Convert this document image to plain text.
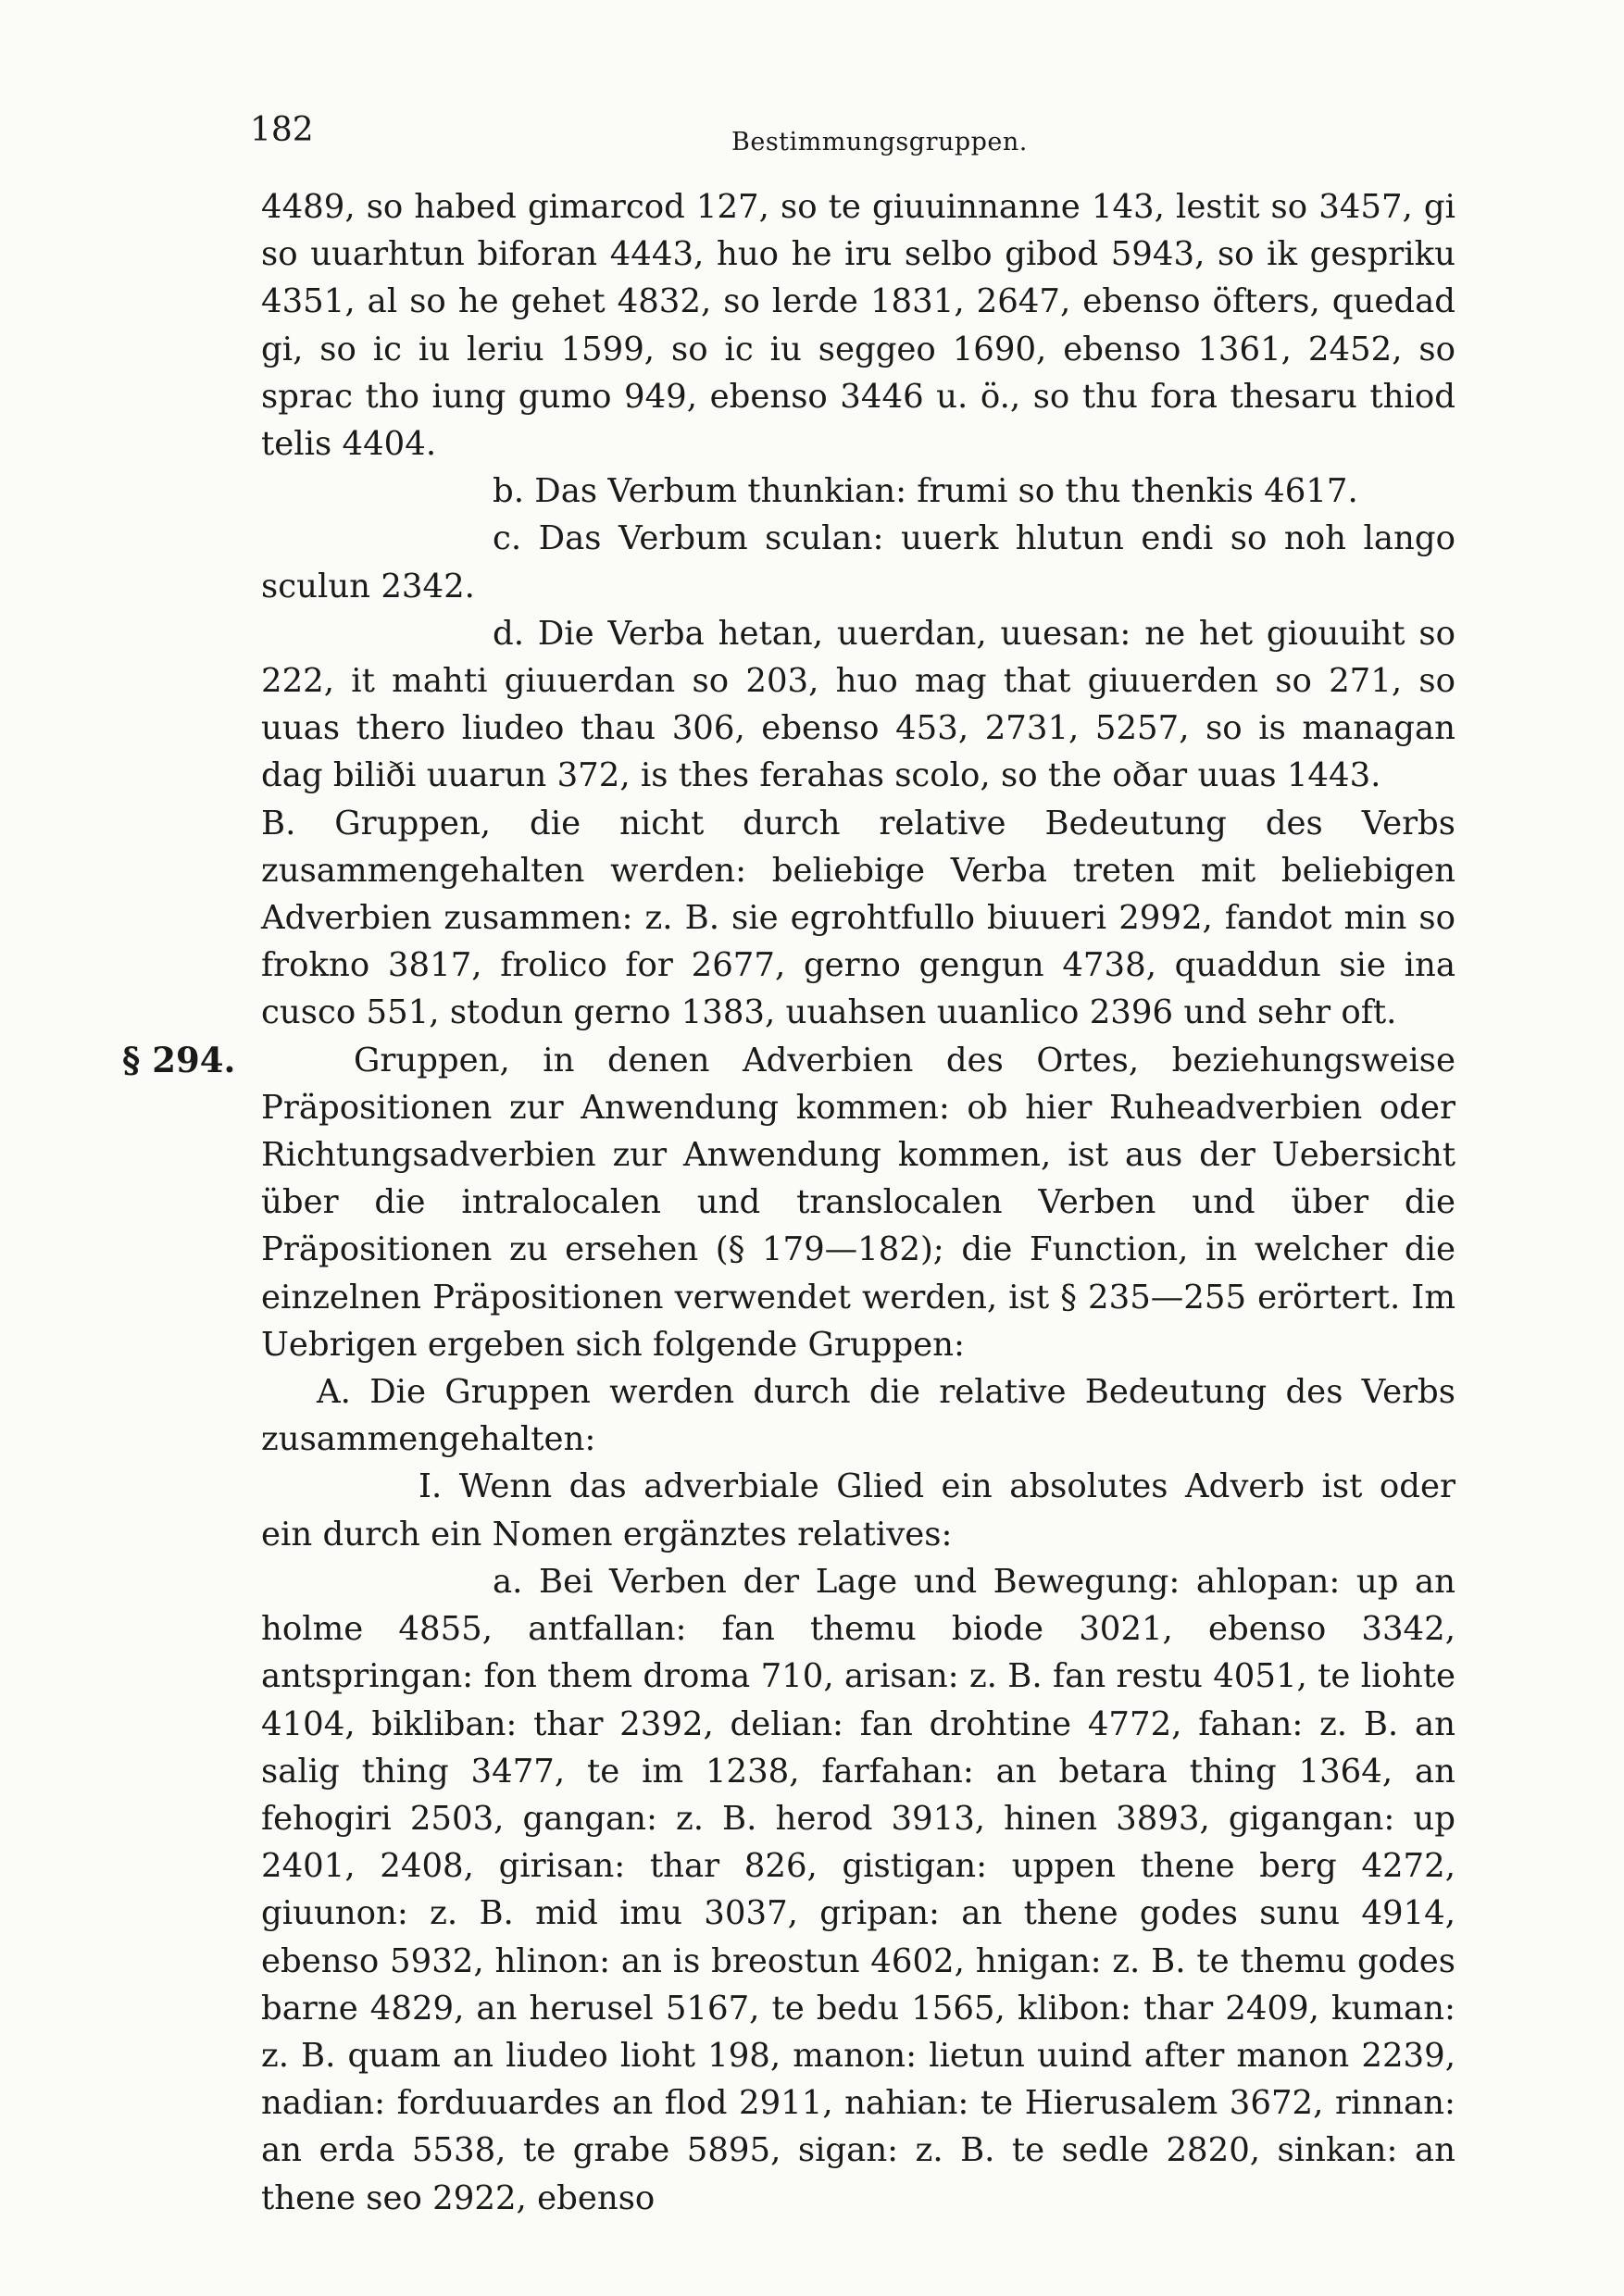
182	Bestimmungsgruppen.

4489, so habed gimarcod 127, so te giuuinnanne 143, lestit so 3457, gi so uuarhtun biforan 4443, huo he iru selbo gibod 5943, so ik gespriku 4351, al so he gehet 4832, so lerde 1831, 2647, ebenso öfters, quedad gi, so ic iu leriu 1599, so ic iu seggeo 1690, ebenso 1361, 2452, so sprac tho iung gumo 949, ebenso 3446 u. ö., so thu fora thesaru thiod telis 4404.

b. Das Verbum thunkian: frumi so thu thenkis 4617.

c. Das Verbum sculan: uuerk hlutun endi so noh lango sculun 2342.

d. Die Verba hetan, uuerdan, uuesan: ne het giouuiht so 222, it mahti giuuerdan so 203, huo mag that giuuerden so 271, so uuas thero liudeo thau 306, ebenso 453, 2731, 5257, so is managan dag biliði uuarun 372, is thes ferahas scolo, so the oðar uuas 1443.

B. Gruppen, die nicht durch relative Bedeutung des Verbs zusammengehalten werden: beliebige Verba treten mit beliebigen Adverbien zusammen: z. B. sie egrohtfullo biuueri 2992, fandot min so frokno 3817, frolico for 2677, gerno gengun 4738, quaddun sie ina cusco 551, stodun gerno 1383, uuahsen uuanlico 2396 und sehr oft.

§ 294.	Gruppen, in denen Adverbien des Ortes, beziehungsweise Präpositionen zur Anwendung kommen: ob hier Ruheadverbien oder Richtungsadverbien zur Anwendung kommen, ist aus der Uebersicht über die intralocalen und translocalen Verben und über die Präpositionen zu ersehen (§ 179—182); die Function, in welcher die einzelnen Präpositionen verwendet werden, ist § 235—255 erörtert. Im Uebrigen ergeben sich folgende Gruppen:

A. Die Gruppen werden durch die relative Bedeutung des Verbs zusammengehalten:

I. Wenn das adverbiale Glied ein absolutes Adverb ist oder ein durch ein Nomen ergänztes relatives:

a. Bei Verben der Lage und Bewegung: ahlopan: up an holme 4855, antfallan: fan themu biode 3021, ebenso 3342, antspringan: fon them droma 710, arisan: z. B. fan restu 4051, te liohte 4104, bikliban: thar 2392, delian: fan drohtine 4772, fahan: z. B. an salig thing 3477, te im 1238, farfahan: an betara thing 1364, an fehogiri 2503, gangan: z. B. herod 3913, hinen 3893, gigangan: up 2401, 2408, girisan: thar 826, gistigan: uppen thene berg 4272, giuunon: z. B. mid imu 3037, gripan: an thene godes sunu 4914, ebenso 5932, hlinon: an is breostun 4602, hnigan: z. B. te themu godes barne 4829, an herusel 5167, te bedu 1565, klibon: thar 2409, kuman: z. B. quam an liudeo lioht 198, manon: lietun uuind after manon 2239, nadian: forduuardes an flod 2911, nahian: te Hierusalem 3672, rinnan: an erda 5538, te grabe 5895, sigan: z. B. te sedle 2820, sinkan: an thene seo 2922, ebenso
